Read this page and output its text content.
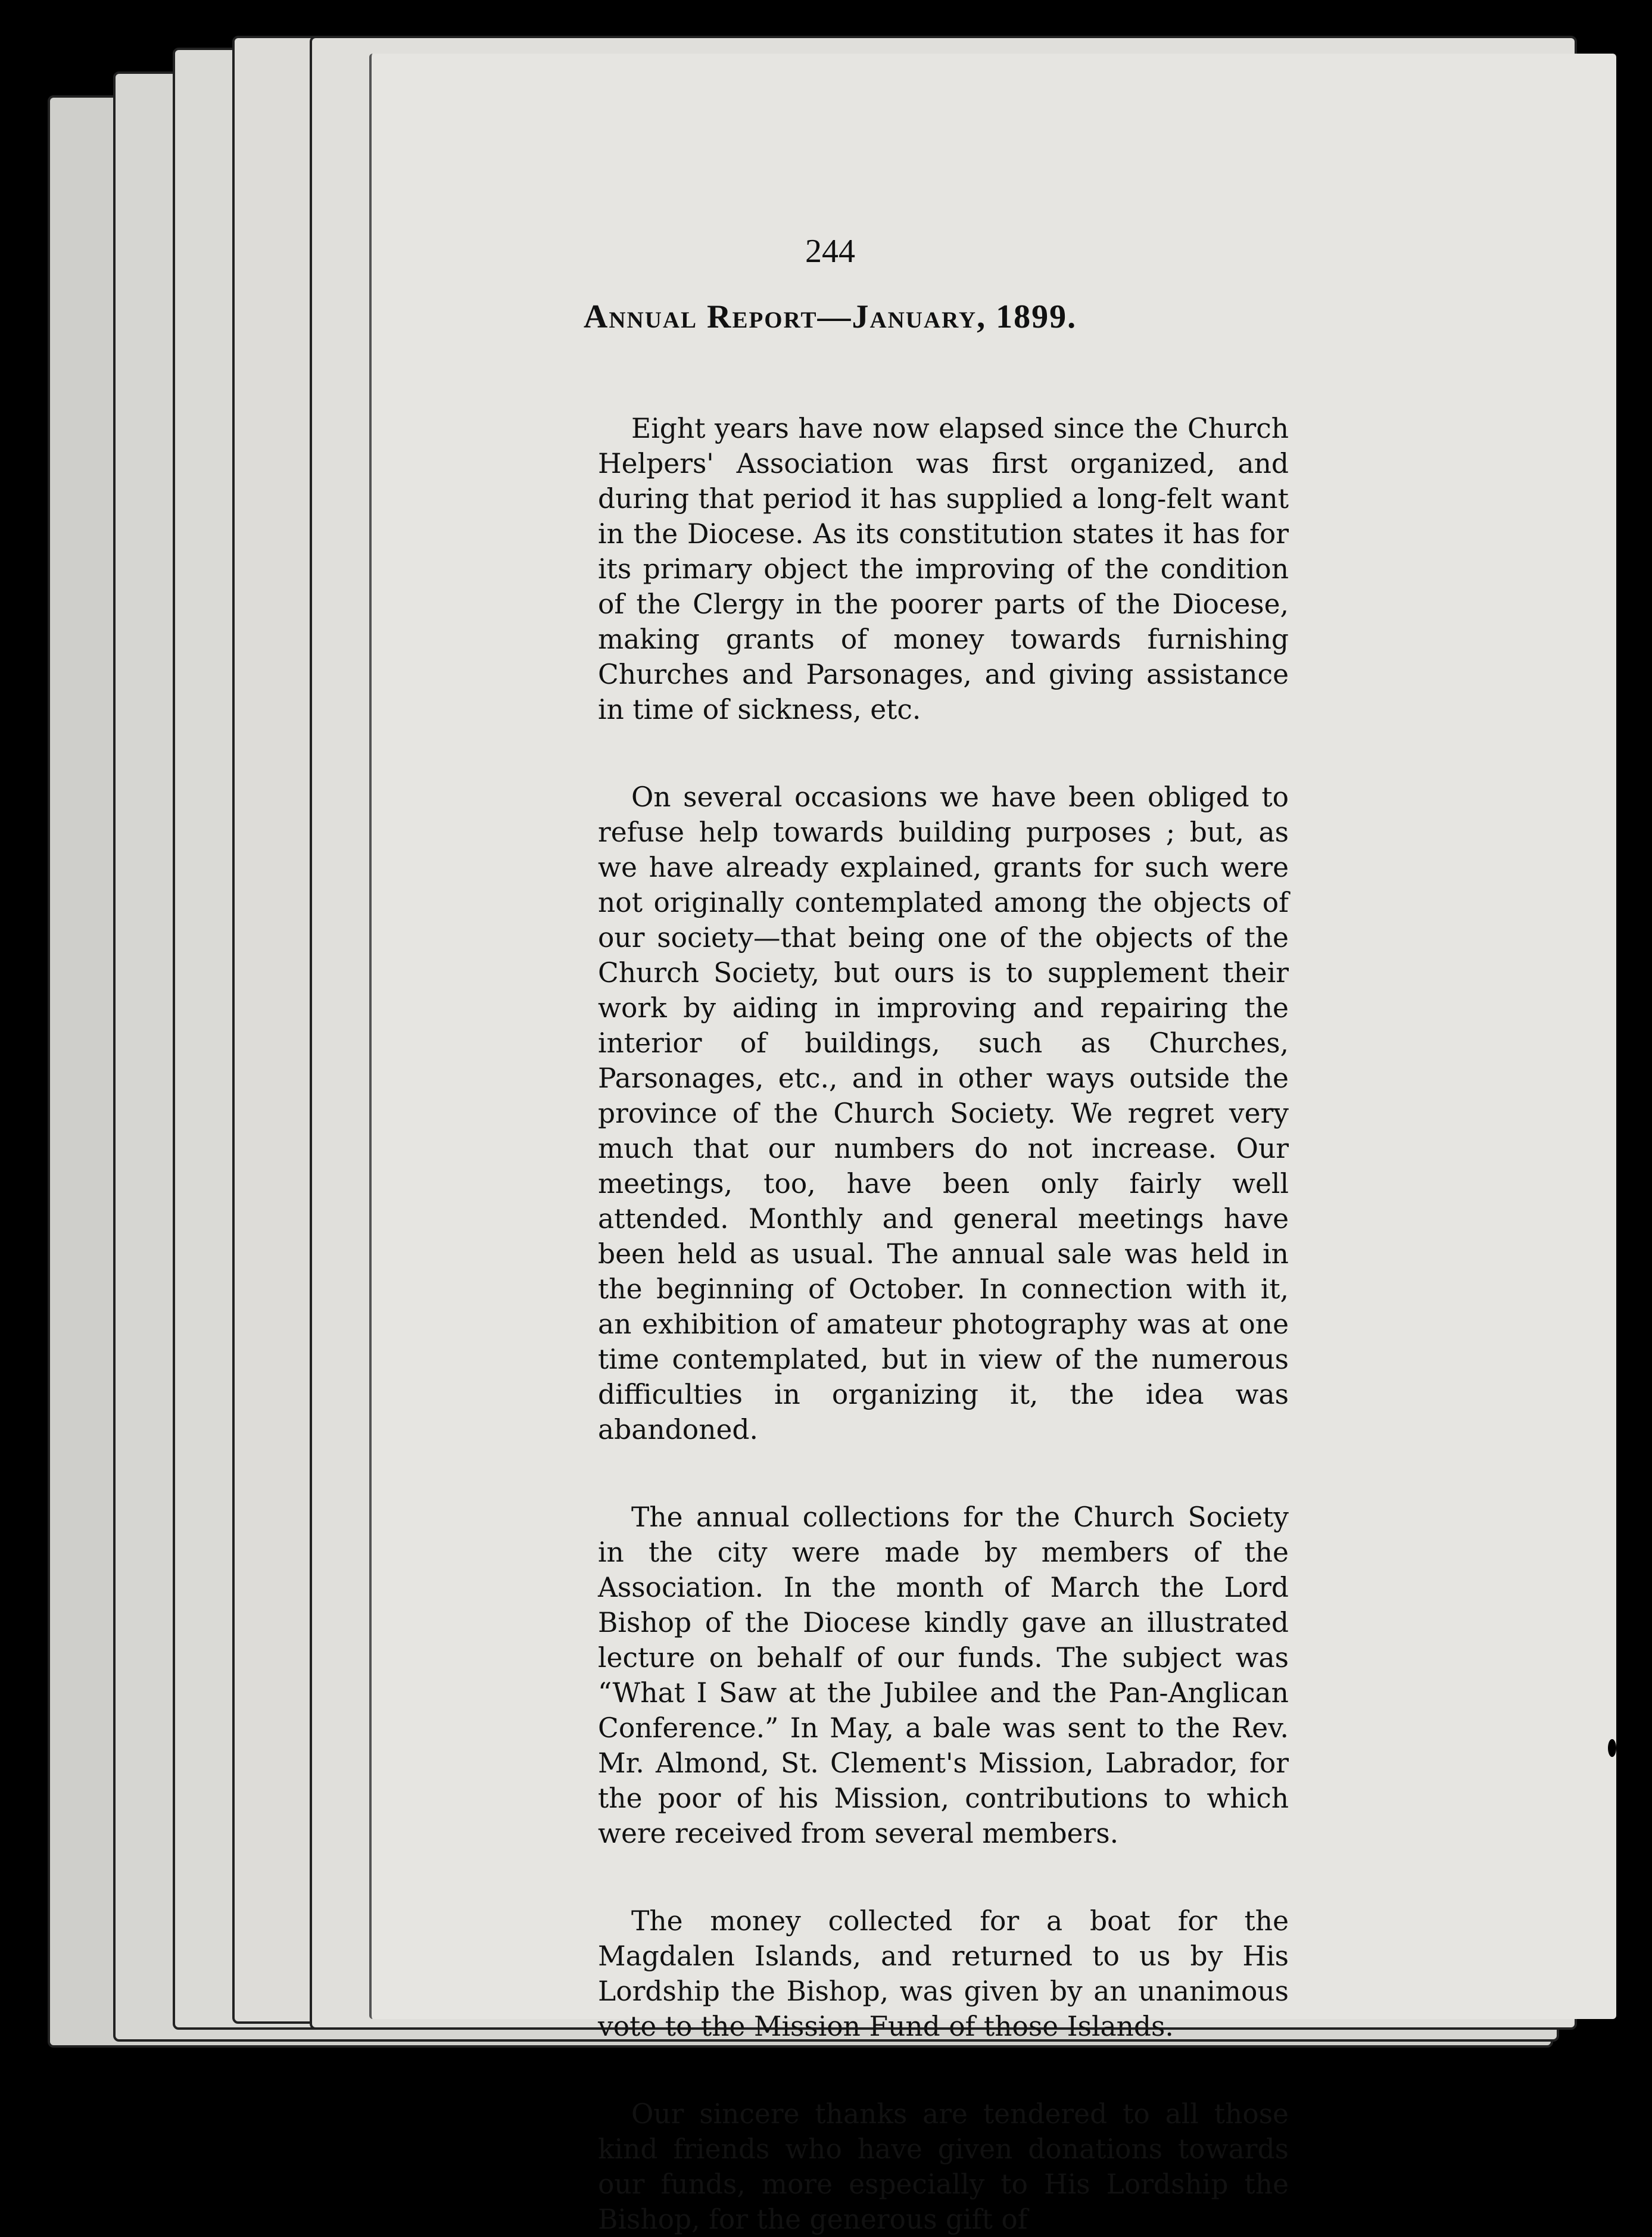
244

Annual Report—January, 1899.

Eight years have now elapsed since the Church Helpers' Association was first organized, and during that period it has supplied a long-felt want in the Diocese. As its constitution states it has for its primary object the improving of the condition of the Clergy in the poorer parts of the Diocese, making grants of money towards furnishing Churches and Parsonages, and giving assistance in time of sickness, etc.

On several occasions we have been obliged to refuse help towards building purposes ; but, as we have already explained, grants for such were not originally contemplated among the objects of our society—that being one of the objects of the Church Society, but ours is to supplement their work by aiding in improving and repairing the interior of buildings, such as Churches, Parsonages, etc., and in other ways outside the province of the Church Society. We regret very much that our numbers do not increase. Our meetings, too, have been only fairly well attended. Monthly and general meetings have been held as usual. The annual sale was held in the beginning of October. In connection with it, an exhibition of amateur photography was at one time contemplated, but in view of the numerous difficulties in organizing it, the idea was abandoned.

The annual collections for the Church Society in the city were made by members of the Association. In the month of March the Lord Bishop of the Diocese kindly gave an illustrated lecture on behalf of our funds. The subject was “What I Saw at the Jubilee and the Pan-Anglican Conference.” In May, a bale was sent to the Rev. Mr. Almond, St. Clement's Mission, Labrador, for the poor of his Mission, contributions to which were received from several members.

The money collected for a boat for the Magdalen Islands, and returned to us by His Lordship the Bishop, was given by an unanimous vote to the Mission Fund of those Islands.

Our sincere thanks are tendered to all those kind friends who have given donations towards our funds, more especially to His Lordship the Bishop, for the generous gift of
